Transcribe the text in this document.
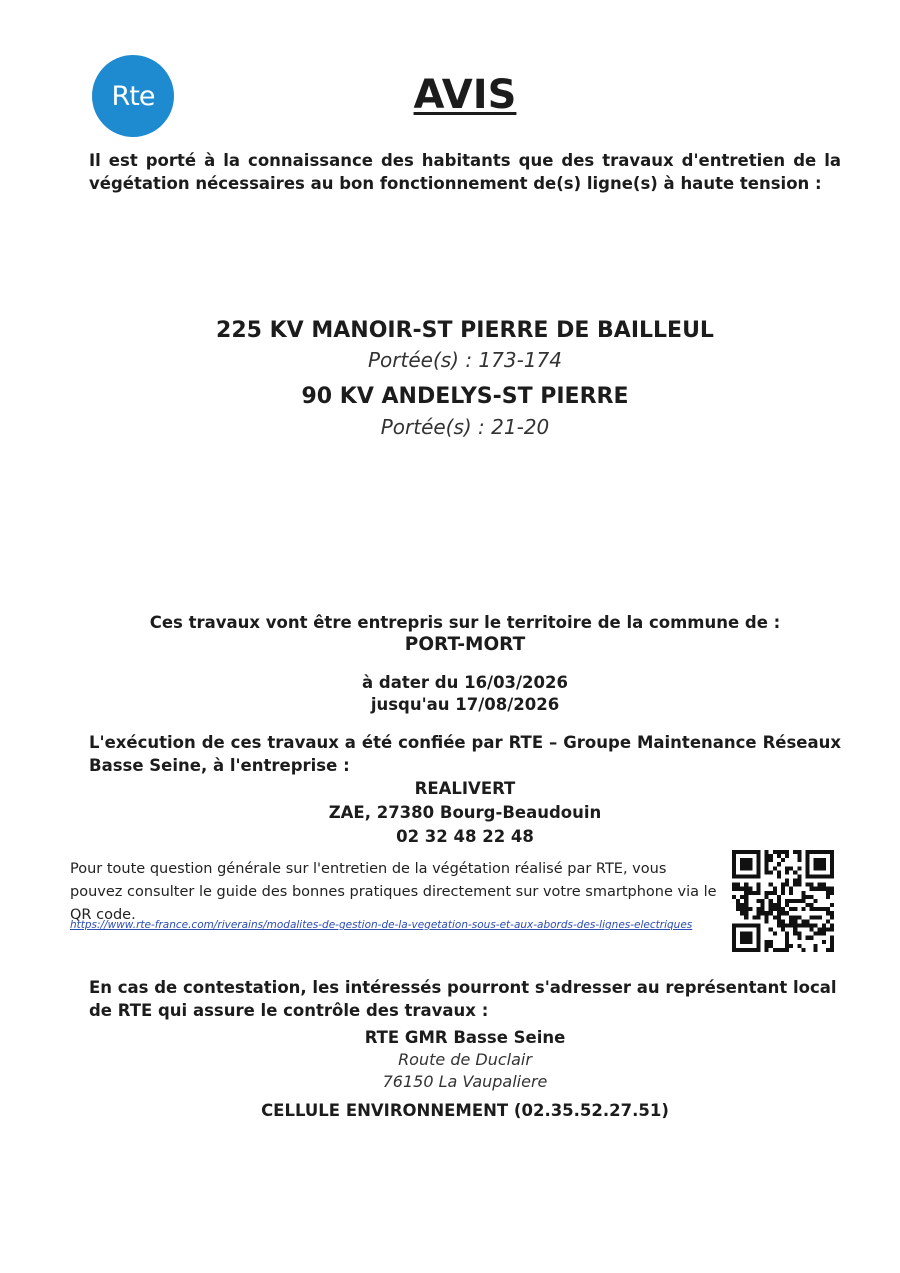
Rte	AVIS
Il est porté à la connaissance des habitants que des travaux d'entretien de la végétation nécessaires au bon fonctionnement de(s) ligne(s) à haute tension :
225 KV MANOIR-ST PIERRE DE BAILLEUL
Portée(s) : 173-174
90 KV ANDELYS-ST PIERRE
Portée(s) : 21-20
Ces travaux vont être entrepris sur le territoire de la commune de :
PORT-MORT
à dater du 16/03/2026
jusqu'au 17/08/2026
L'exécution de ces travaux a été confiée par RTE – Groupe Maintenance Réseaux Basse Seine, à l'entreprise :
REALIVERT
ZAE, 27380 Bourg-Beaudouin
02 32 48 22 48
Pour toute question générale sur l'entretien de la végétation réalisé par RTE, vous pouvez consulter le guide des bonnes pratiques directement sur votre smartphone via le QR code.
https://www.rte-france.com/riverains/modalites-de-gestion-de-la-vegetation-sous-et-aux-abords-des-lignes-electriques
En cas de contestation, les intéressés pourront s'adresser au représentant local de RTE qui assure le contrôle des travaux :
RTE GMR Basse Seine
Route de Duclair
76150 La Vaupaliere
CELLULE ENVIRONNEMENT (02.35.52.27.51)
